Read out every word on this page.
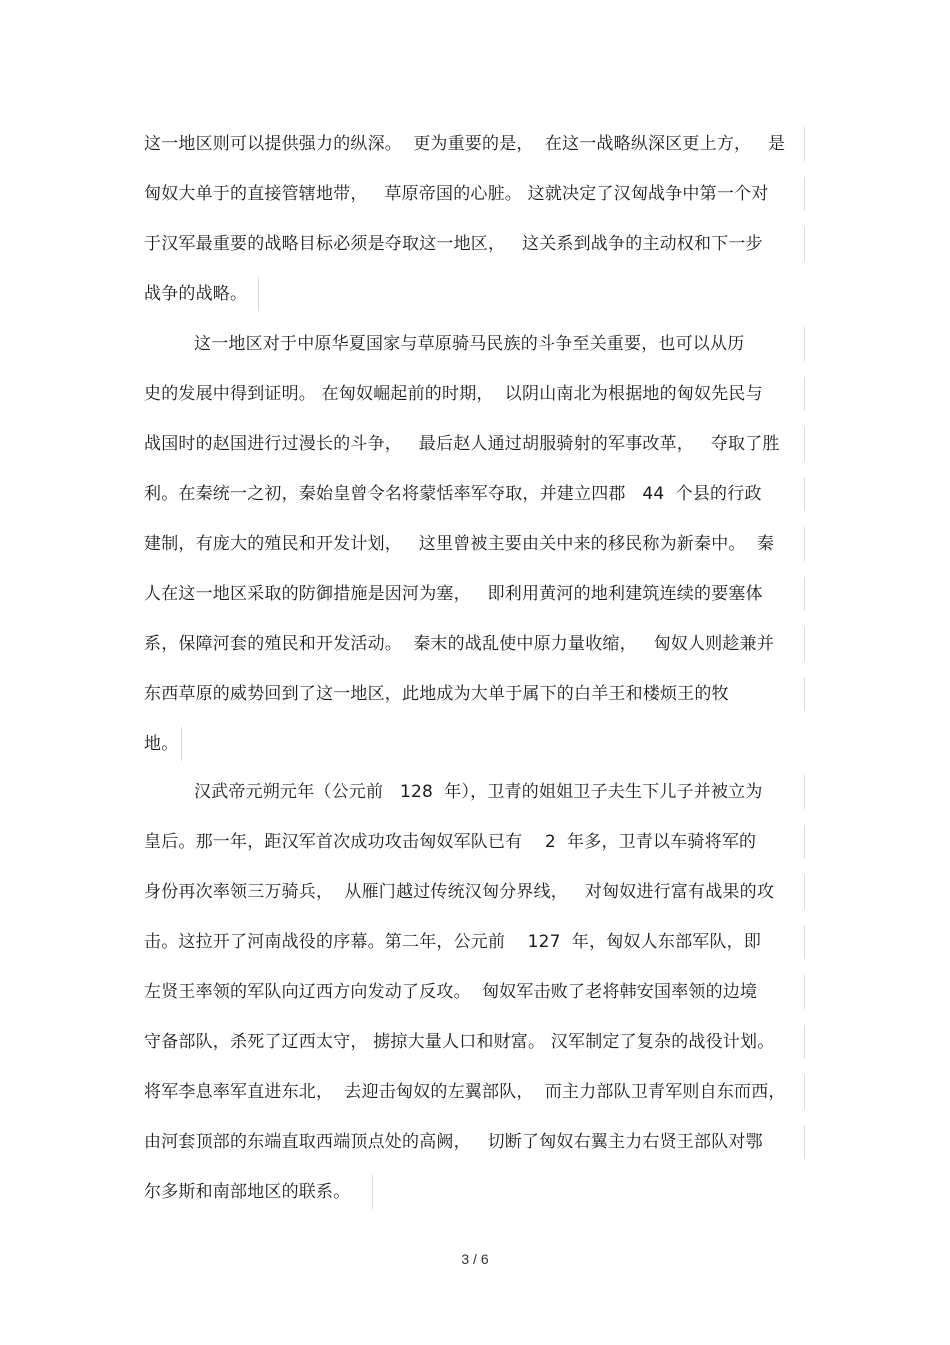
这一地区则可以提供强力的纵深。  更为重要的是，  在这一战略纵深区更上方，   是
匈奴大单于的直接管辖地带，   草原帝国的心脏。 这就决定了汉匈战争中第一个对
于汉军最重要的战略目标必须是夺取这一地区，   这关系到战争的主动权和下一步
战争的战略。
这一地区对于中原华夏国家与草原骑马民族的斗争至关重要，也可以从历
史的发展中得到证明。 在匈奴崛起前的时期，  以阴山南北为根据地的匈奴先民与
战国时的赵国进行过漫长的斗争，   最后赵人通过胡服骑射的军事改革，   夺取了胜
利。在秦统一之初，秦始皇曾令名将蒙恬率军夺取，并建立四郡   44  个县的行政
建制，有庞大的殖民和开发计划，   这里曾被主要由关中来的移民称为新秦中。  秦
人在这一地区采取的防御措施是因河为塞，   即利用黄河的地利建筑连续的要塞体
系，保障河套的殖民和开发活动。  秦末的战乱使中原力量收缩，   匈奴人则趁兼并
东西草原的威势回到了这一地区，此地成为大单于属下的白羊王和楼烦王的牧
地。
汉武帝元朔元年（公元前   128  年），卫青的姐姐卫子夫生下儿子并被立为
皇后。那一年，距汉军首次成功攻击匈奴军队已有    2  年多，卫青以车骑将军的
身份再次率领三万骑兵，  从雁门越过传统汉匈分界线，   对匈奴进行富有战果的攻
击。这拉开了河南战役的序幕。第二年，公元前    127  年，匈奴人东部军队，即
左贤王率领的军队向辽西方向发动了反攻。  匈奴军击败了老将韩安国率领的边境
守备部队，杀死了辽西太守， 掳掠大量人口和财富。 汉军制定了复杂的战役计划。
将军李息率军直进东北，  去迎击匈奴的左翼部队，  而主力部队卫青军则自东而西，
由河套顶部的东端直取西端顶点处的高阙，   切断了匈奴右翼主力右贤王部队对鄂
尔多斯和南部地区的联系。
3 / 6
